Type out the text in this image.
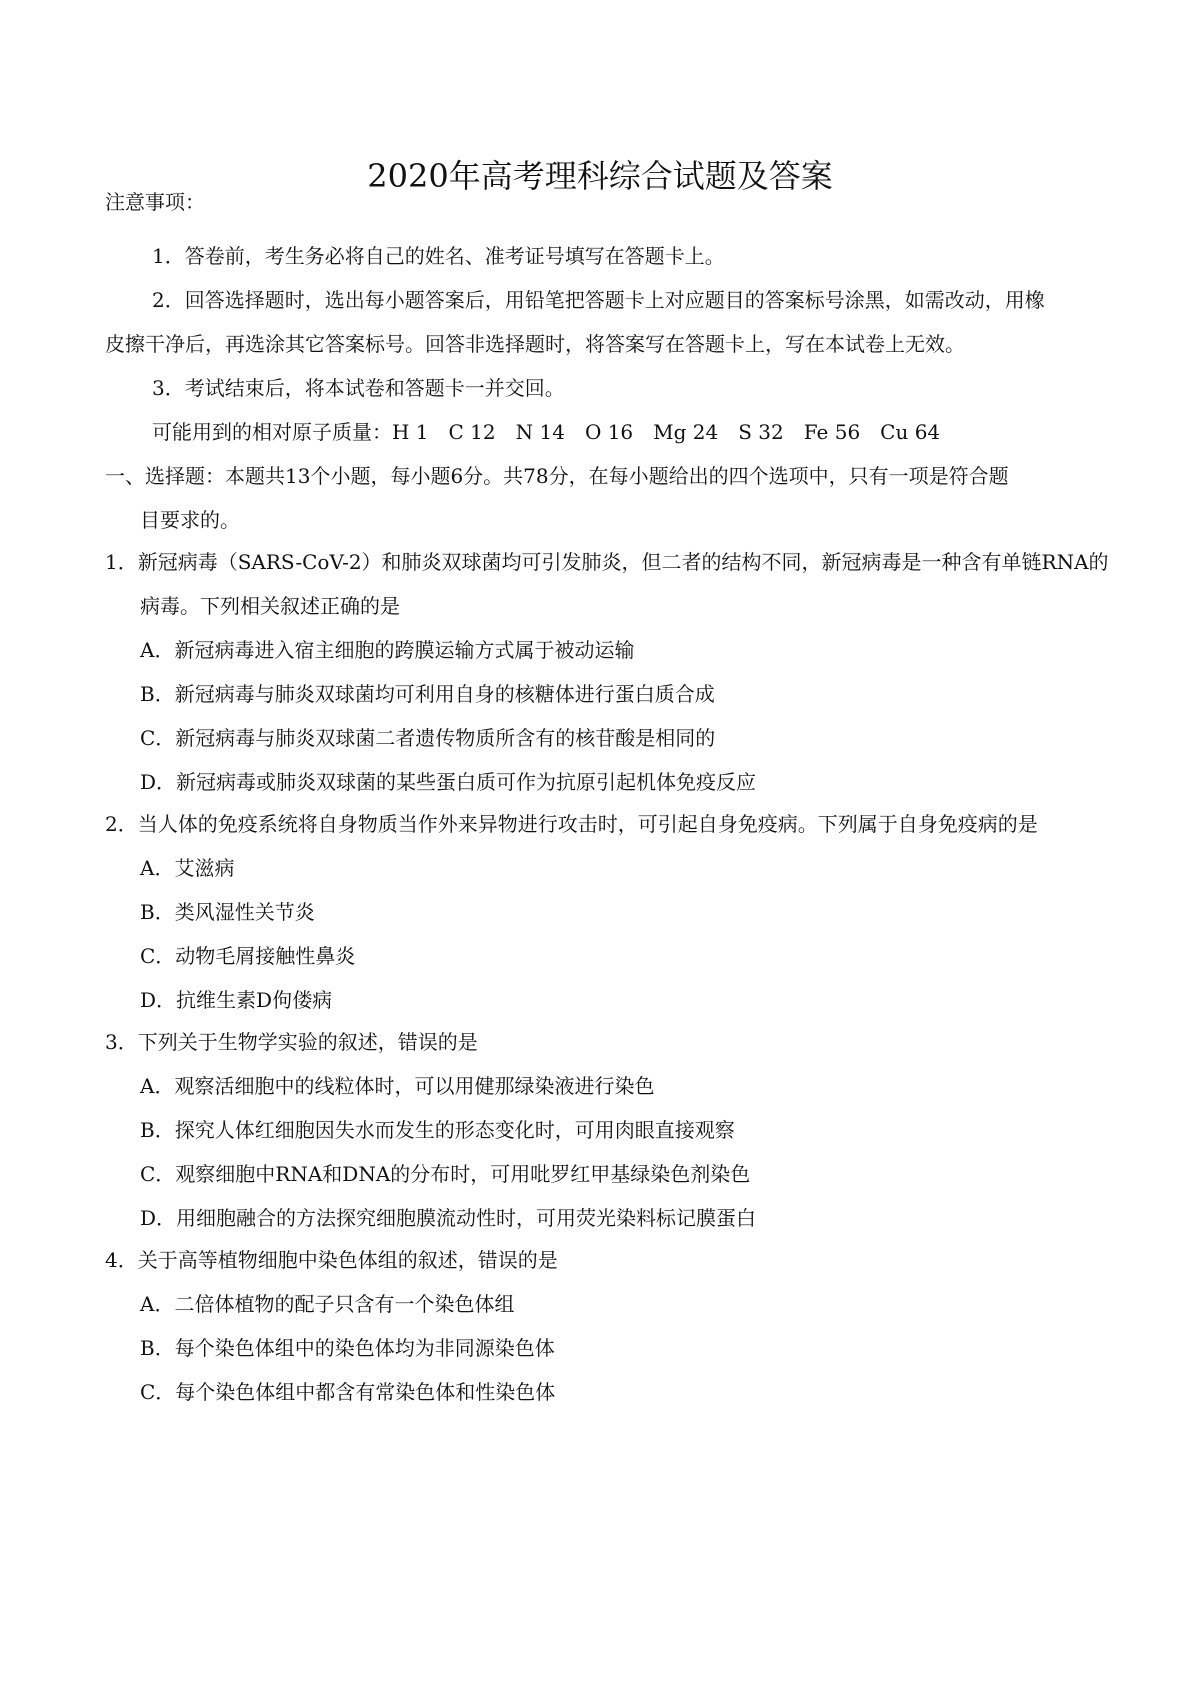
2020年高考理科综合试题及答案
注意事项：
1．答卷前，考生务必将自己的姓名、准考证号填写在答题卡上。
2．回答选择题时，选出每小题答案后，用铅笔把答题卡上对应题目的答案标号涂黑，如需改动，用橡
皮擦干净后，再选涂其它答案标号。回答非选择题时，将答案写在答题卡上，写在本试卷上无效。
3．考试结束后，将本试卷和答题卡一并交回。
可能用到的相对原子质量：H 1　C 12　N 14　O 16　Mg 24　S 32　Fe 56　Cu 64
一、选择题：本题共13个小题，每小题6分。共78分，在每小题给出的四个选项中，只有一项是符合题
目要求的。
1．新冠病毒（SARS-CoV-2）和肺炎双球菌均可引发肺炎，但二者的结构不同，新冠病毒是一种含有单链RNA的
病毒。下列相关叙述正确的是
A．新冠病毒进入宿主细胞的跨膜运输方式属于被动运输
B．新冠病毒与肺炎双球菌均可利用自身的核糖体进行蛋白质合成
C．新冠病毒与肺炎双球菌二者遗传物质所含有的核苷酸是相同的
D．新冠病毒或肺炎双球菌的某些蛋白质可作为抗原引起机体免疫反应
2．当人体的免疫系统将自身物质当作外来异物进行攻击时，可引起自身免疫病。下列属于自身免疫病的是
A．艾滋病
B．类风湿性关节炎
C．动物毛屑接触性鼻炎
D．抗维生素D佝偻病
3．下列关于生物学实验的叙述，错误的是
A．观察活细胞中的线粒体时，可以用健那绿染液进行染色
B．探究人体红细胞因失水而发生的形态变化时，可用肉眼直接观察
C．观察细胞中RNA和DNA的分布时，可用吡罗红甲基绿染色剂染色
D．用细胞融合的方法探究细胞膜流动性时，可用荧光染料标记膜蛋白
4．关于高等植物细胞中染色体组的叙述，错误的是
A．二倍体植物的配子只含有一个染色体组
B．每个染色体组中的染色体均为非同源染色体
C．每个染色体组中都含有常染色体和性染色体
